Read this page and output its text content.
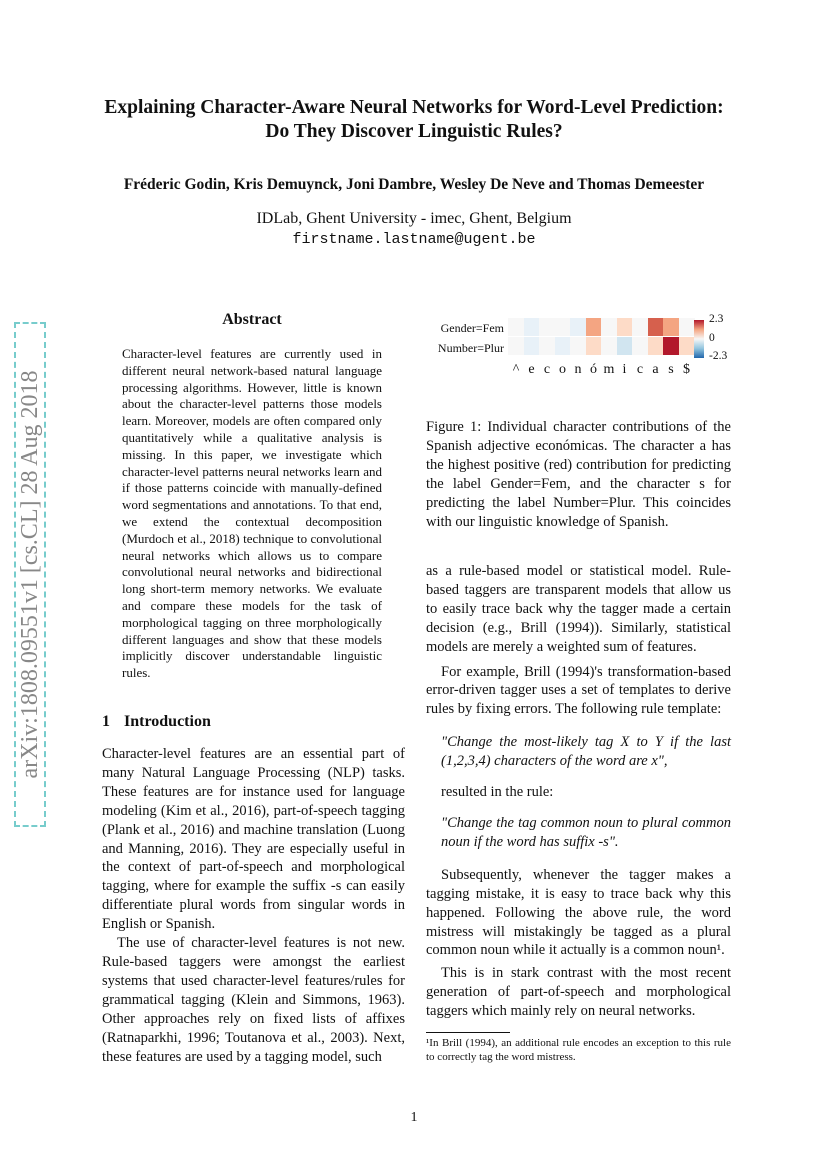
Explaining Character-Aware Neural Networks for Word-Level Prediction:
Do They Discover Linguistic Rules?
Fréderic Godin, Kris Demuynck, Joni Dambre, Wesley De Neve and Thomas Demeester
IDLab, Ghent University - imec, Ghent, Belgium
firstname.lastname@ugent.be
arXiv:1808.09551v1 [cs.CL] 28 Aug 2018
Abstract
Character-level features are currently used in different neural network-based natural language processing algorithms. However, little is known about the character-level patterns those models learn. Moreover, models are often compared only quantitatively while a qualitative analysis is missing. In this paper, we investigate which character-level patterns neural networks learn and if those patterns coincide with manually-defined word segmentations and annotations. To that end, we extend the contextual decomposition (Murdoch et al., 2018) technique to convolutional neural networks which allows us to compare convolutional neural networks and bidirectional long short-term memory networks. We evaluate and compare these models for the task of morphological tagging on three morphologically different languages and show that these models implicitly discover understandable linguistic rules.
1 Introduction

Character-level features are an essential part of many Natural Language Processing (NLP) tasks. These features are for instance used for language modeling (Kim et al., 2016), part-of-speech tagging (Plank et al., 2016) and machine translation (Luong and Manning, 2016). They are especially useful in the context of part-of-speech and morphological tagging, where for example the suffix -s can easily differentiate plural words from singular words in English or Spanish.

The use of character-level features is not new. Rule-based taggers were amongst the earliest systems that used character-level features/rules for grammatical tagging (Klein and Simmons, 1963). Other approaches rely on fixed lists of affixes (Ratnaparkhi, 1996; Toutanova et al., 2003). Next, these features are used by a tagging model, such

Gender=Fem
Number=Plur
^ e c o n ó m i c a s $
2.3
0
-2.3
Figure 1: Individual character contributions of the Spanish adjective económicas. The character a has the highest positive (red) contribution for predicting the label Gender=Fem, and the character s for predicting the label Number=Plur. This coincides with our linguistic knowledge of Spanish.

as a rule-based model or statistical model. Rule-based taggers are transparent models that allow us to easily trace back why the tagger made a certain decision (e.g., Brill (1994)). Similarly, statistical models are merely a weighted sum of features.

For example, Brill (1994)'s transformation-based error-driven tagger uses a set of templates to derive rules by fixing errors. The following rule template:

"Change the most-likely tag X to Y if the last (1,2,3,4) characters of the word are x",

resulted in the rule:

"Change the tag common noun to plural common noun if the word has suffix -s".

Subsequently, whenever the tagger makes a tagging mistake, it is easy to trace back why this happened. Following the above rule, the word mistress will mistakingly be tagged as a plural common noun while it actually is a common noun¹.

This is in stark contrast with the most recent generation of part-of-speech and morphological taggers which mainly rely on neural networks.

¹In Brill (1994), an additional rule encodes an exception to this rule to correctly tag the word mistress.
1
